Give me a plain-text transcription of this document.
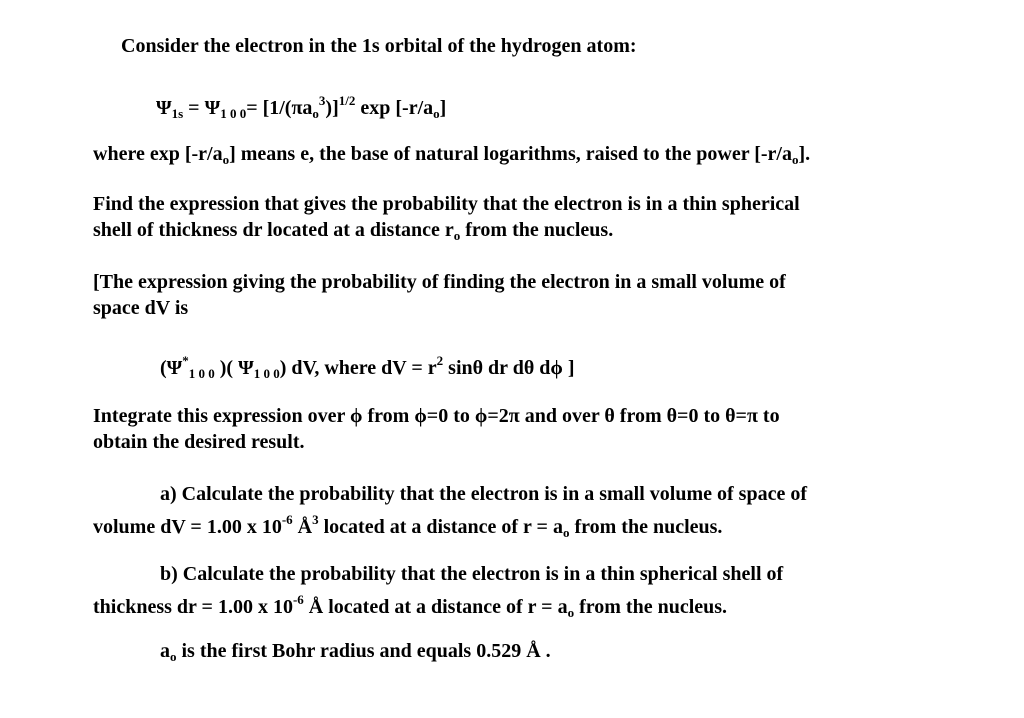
Consider the electron in the 1s orbital of the hydrogen atom:
$\Psi_{1s} = \Psi_{1 0 0}= [1/(\pi a_o^3)]^{1/2}$ $\exp [-r/a_o]$
where $\exp [-r/a_o]$ means e, the base of natural logarithms, raised to the power $[-r/a_o]$.
Find the expression that gives the probability that the electron is in a thin spherical
shell of thickness dr located at a distance $r_o$ from the nucleus.
[The expression giving the probability of finding the electron in a small volume of
space dV is
($\Psi^*_{1 0 0}$ )( $\Psi_{1 0 0}$) dV, where dV = $r^2$ sinθ dr dθ dϕ ]
Integrate this expression over ϕ from ϕ=0 to ϕ=2π and over θ from θ=0 to θ=π to
obtain the desired result.
a) Calculate the probability that the electron is in a small volume of space of
volume dV = 1.00 x $10^{-6}$ $Å^3$ located at a distance of $r = a_o$ from the nucleus.
b) Calculate the probability that the electron is in a thin spherical shell of
thickness dr = 1.00 x $10^{-6}$ Å located at a distance of $r = a_o$ from the nucleus.
$a_o$ is the first Bohr radius and equals 0.529 Å .
